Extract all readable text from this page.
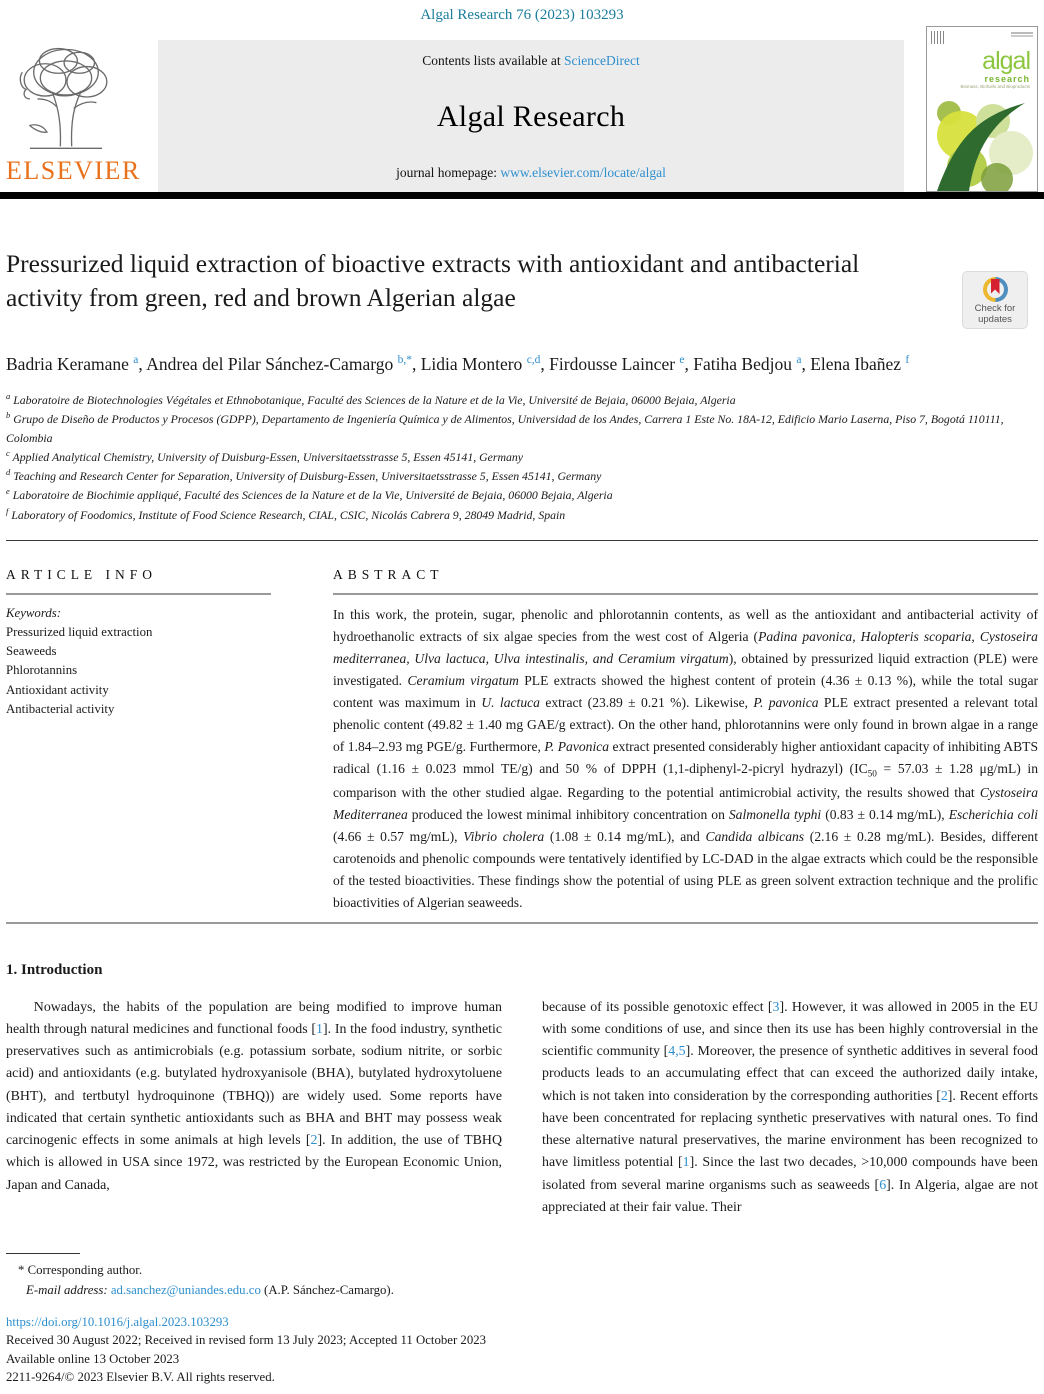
Algal Research 76 (2023) 103293
ELSEVIER
Contents lists available at ScienceDirect
Algal Research
journal homepage: www.elsevier.com/locate/algal
algal
research
Biomass, Biofuels and Bioproducts
Pressurized liquid extraction of bioactive extracts with antioxidant and antibacterial activity from green, red and brown Algerian algae	Check for
updates
Badria Keramane $^a$, Andrea del Pilar Sánchez-Camargo $^{b,*}$, Lidia Montero $^{c,d}$, Firdousse Laincer $^e$, Fatiha Bedjou $^a$, Elena Ibañez $^f$
$^a$ Laboratoire de Biotechnologies Végétales et Ethnobotanique, Faculté des Sciences de la Nature et de la Vie, Université de Bejaia, 06000 Bejaia, Algeria
$^b$ Grupo de Diseño de Productos y Procesos (GDPP), Departamento de Ingeniería Química y de Alimentos, Universidad de los Andes, Carrera 1 Este No. 18A-12, Edificio Mario Laserna, Piso 7, Bogotá 110111, Colombia
$^c$ Applied Analytical Chemistry, University of Duisburg-Essen, Universitaetsstrasse 5, Essen 45141, Germany
$^d$ Teaching and Research Center for Separation, University of Duisburg-Essen, Universitaetsstrasse 5, Essen 45141, Germany
$^e$ Laboratoire de Biochimie appliqué, Faculté des Sciences de la Nature et de la Vie, Université de Bejaia, 06000 Bejaia, Algeria
$^f$ Laboratory of Foodomics, Institute of Food Science Research, CIAL, CSIC, Nicolás Cabrera 9, 28049 Madrid, Spain
ARTICLE INFO
Keywords:
Pressurized liquid extraction
Seaweeds
Phlorotannins
Antioxidant activity
Antibacterial activity
ABSTRACT

In this work, the protein, sugar, phenolic and phlorotannin contents, as well as the antioxidant and antibacterial activity of hydroethanolic extracts of six algae species from the west cost of Algeria (Padina pavonica, Halopteris scoparia, Cystoseira mediterranea, Ulva lactuca, Ulva intestinalis, and Ceramium virgatum), obtained by pressurized liquid extraction (PLE) were investigated. Ceramium virgatum PLE extracts showed the highest content of protein (4.36 ± 0.13 %), while the total sugar content was maximum in U. lactuca extract (23.89 ± 0.21 %). Likewise, P. pavonica PLE extract presented a relevant total phenolic content (49.82 ± 1.40 mg GAE/g extract). On the other hand, phlorotannins were only found in brown algae in a range of 1.84–2.93 mg PGE/g. Furthermore, P. Pavonica extract presented considerably higher antioxidant capacity of inhibiting ABTS radical (1.16 ± 0.023 mmol TE/g) and 50 % of DPPH (1,1-diphenyl-2-picryl hydrazyl) ($IC_{50} = 57.03 \pm 1.28$ μg/mL) in comparison with the other studied algae. Regarding to the potential antimicrobial activity, the results showed that Cystoseira Mediterranea produced the lowest minimal inhibitory concentration on Salmonella typhi (0.83 ± 0.14 mg/mL), Escherichia coli (4.66 ± 0.57 mg/mL), Vibrio cholera (1.08 ± 0.14 mg/mL), and Candida albicans (2.16 ± 0.28 mg/mL). Besides, different carotenoids and phenolic compounds were tentatively identified by LC-DAD in the algae extracts which could be the responsible of the tested bioactivities. These findings show the potential of using PLE as green solvent extraction technique and the prolific bioactivities of Algerian seaweeds.

1. Introduction

Nowadays, the habits of the population are being modified to improve human health through natural medicines and functional foods [1]. In the food industry, synthetic preservatives such as antimicrobials (e.g. potassium sorbate, sodium nitrite, or sorbic acid) and antioxidants (e.g. butylated hydroxyanisole (BHA), butylated hydroxytoluene (BHT), and tertbutyl hydroquinone (TBHQ)) are widely used. Some reports have indicated that certain synthetic antioxidants such as BHA and BHT may possess weak carcinogenic effects in some animals at high levels [2]. In addition, the use of TBHQ which is allowed in USA since 1972, was restricted by the European Economic Union, Japan and Canada,

because of its possible genotoxic effect [3]. However, it was allowed in 2005 in the EU with some conditions of use, and since then its use has been highly controversial in the scientific community [4,5]. Moreover, the presence of synthetic additives in several food products leads to an accumulating effect that can exceed the authorized daily intake, which is not taken into consideration by the corresponding authorities [2]. Recent efforts have been concentrated for replacing synthetic preservatives with natural ones. To find these alternative natural preservatives, the marine environment has been recognized to have limitless potential [1]. Since the last two decades, >10,000 compounds have been isolated from several marine organisms such as seaweeds [6]. In Algeria, algae are not appreciated at their fair value. Their

* Corresponding author.
E-mail address: ad.sanchez@uniandes.edu.co (A.P. Sánchez-Camargo).
https://doi.org/10.1016/j.algal.2023.103293
Received 30 August 2022; Received in revised form 13 July 2023; Accepted 11 October 2023
Available online 13 October 2023
2211-9264/© 2023 Elsevier B.V. All rights reserved.
